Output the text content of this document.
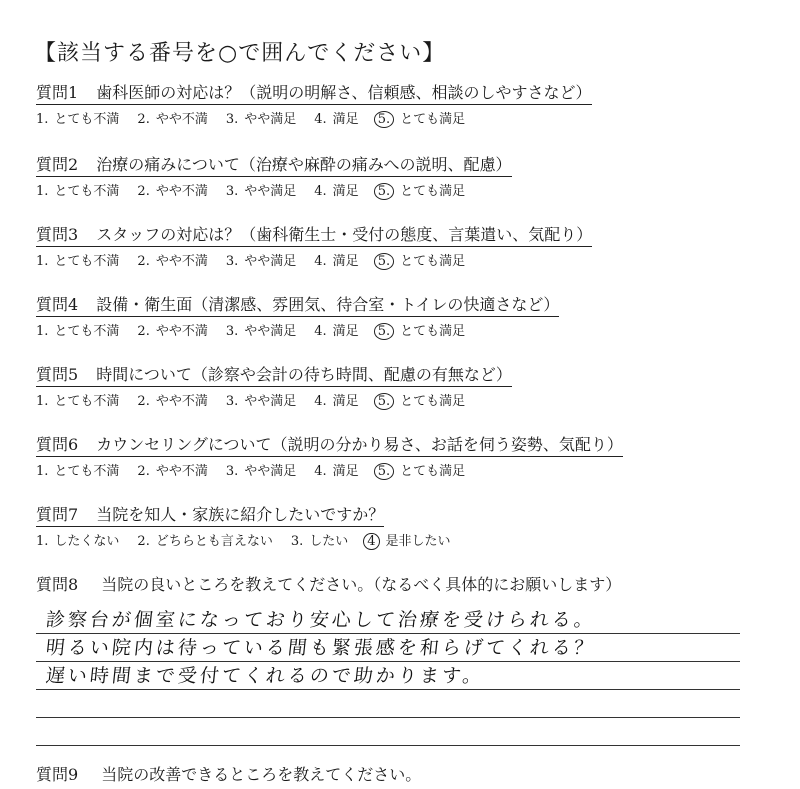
【該当する番号を○で囲んでください】
質問1 歯科医師の対応は？（説明の明解さ、信頼感、相談のしやすさなど）
1. とても不満 2. やや不満 3. やや満足 4. 満足 5. とても満足
質問2 治療の痛みについて（治療や麻酔の痛みへの説明、配慮）
1. とても不満 2. やや不満 3. やや満足 4. 満足 5. とても満足
質問3 スタッフの対応は？（歯科衛生士・受付の態度、言葉遣い、気配り）
1. とても不満 2. やや不満 3. やや満足 4. 満足 5. とても満足
質問4 設備・衛生面（清潔感、雰囲気、待合室・トイレの快適さなど）
1. とても不満 2. やや不満 3. やや満足 4. 満足 5. とても満足
質問5 時間について（診察や会計の待ち時間、配慮の有無など）
1. とても不満 2. やや不満 3. やや満足 4. 満足 5. とても満足
質問6 カウンセリングについて（説明の分かり易さ、お話を伺う姿勢、気配り）
1. とても不満 2. やや不満 3. やや満足 4. 満足 5. とても満足
質問7 当院を知人・家族に紹介したいですか？
1. したくない 2. どちらとも言えない 3. したい 4 是非したい
質問8 当院の良いところを教えてください。（なるべく具体的にお願いします）
診察台が個室になっており安心して治療を受けられる。
明るい院内は待っている間も緊張感を和らげてくれる？
遅い時間まで受付てくれるので助かります。
質問9 当院の改善できるところを教えてください。
